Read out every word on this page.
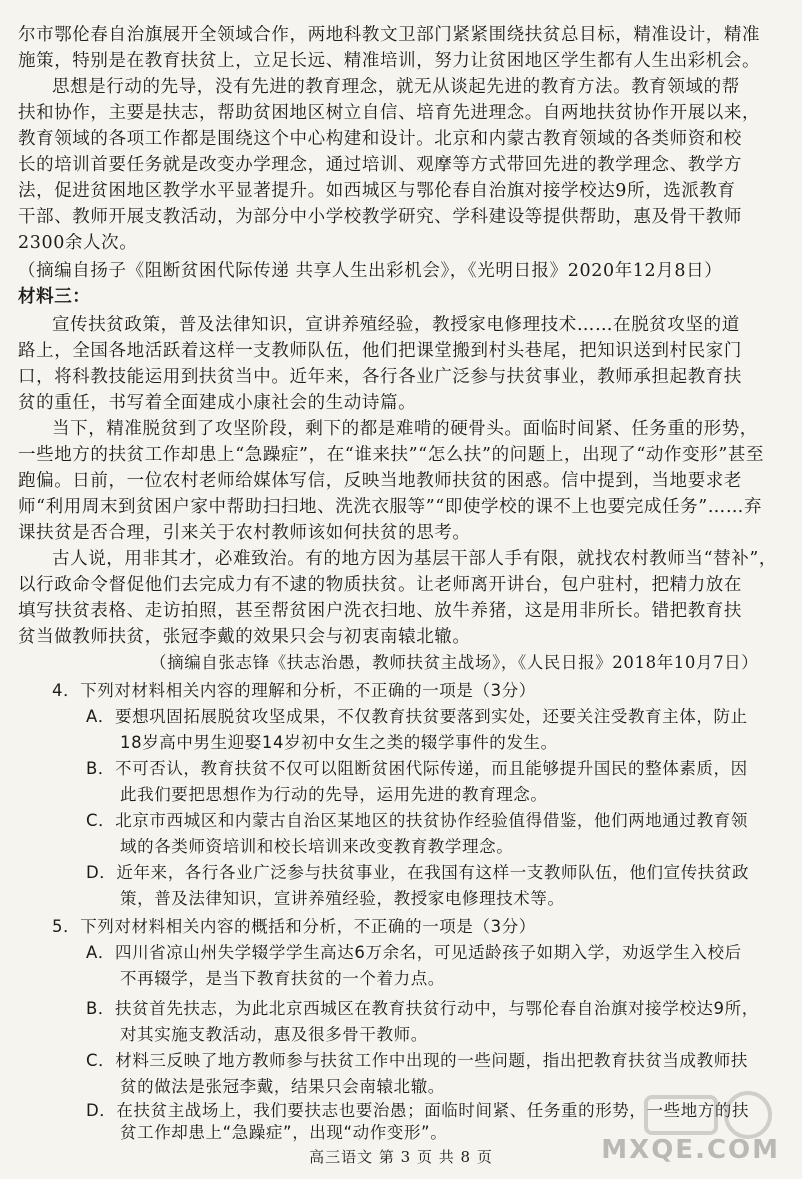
尔市鄂伦春自治旗展开全领域合作，两地科教文卫部门紧紧围绕扶贫总目标，精准设计，精准
施策，特别是在教育扶贫上，立足长远、精准培训，努力让贫困地区学生都有人生出彩机会。
思想是行动的先导，没有先进的教育理念，就无从谈起先进的教育方法。教育领域的帮
扶和协作，主要是扶志，帮助贫困地区树立自信、培育先进理念。自两地扶贫协作开展以来，
教育领域的各项工作都是围绕这个中心构建和设计。北京和内蒙古教育领域的各类师资和校
长的培训首要任务就是改变办学理念，通过培训、观摩等方式带回先进的教学理念、教学方
法，促进贫困地区教学水平显著提升。如西城区与鄂伦春自治旗对接学校达9所，选派教育
干部、教师开展支教活动，为部分中小学校教学研究、学科建设等提供帮助，惠及骨干教师
2300余人次。
（摘编自扬子《阻断贫困代际传递 共享人生出彩机会》，《光明日报》2020年12月8日）
材料三：
宣传扶贫政策，普及法律知识，宣讲养殖经验，教授家电修理技术……在脱贫攻坚的道
路上，全国各地活跃着这样一支教师队伍，他们把课堂搬到村头巷尾，把知识送到村民家门
口，将科教技能运用到扶贫当中。近年来，各行各业广泛参与扶贫事业，教师承担起教育扶
贫的重任，书写着全面建成小康社会的生动诗篇。
当下，精准脱贫到了攻坚阶段，剩下的都是难啃的硬骨头。面临时间紧、任务重的形势，
一些地方的扶贫工作却患上“急躁症”，在“谁来扶”“怎么扶”的问题上，出现了“动作变形”甚至
跑偏。日前，一位农村老师给媒体写信，反映当地教师扶贫的困惑。信中提到，当地要求老
师“利用周末到贫困户家中帮助扫扫地、洗洗衣服等”“即使学校的课不上也要完成任务”……弃
课扶贫是否合理，引来关于农村教师该如何扶贫的思考。
古人说，用非其才，必难致治。有的地方因为基层干部人手有限，就找农村教师当“替补”，
以行政命令督促他们去完成力有不逮的物质扶贫。让老师离开讲台，包户驻村，把精力放在
填写扶贫表格、走访拍照，甚至帮贫困户洗衣扫地、放牛养猪，这是用非所长。错把教育扶
贫当做教师扶贫，张冠李戴的效果只会与初衷南辕北辙。
（摘编自张志锋《扶志治愚，教师扶贫主战场》，《人民日报》2018年10月7日）
4．下列对材料相关内容的理解和分析，不正确的一项是（3分）
A．要想巩固拓展脱贫攻坚成果，不仅教育扶贫要落到实处，还要关注受教育主体，防止
18岁高中男生迎娶14岁初中女生之类的辍学事件的发生。
B．不可否认，教育扶贫不仅可以阻断贫困代际传递，而且能够提升国民的整体素质，因
此我们要把思想作为行动的先导，运用先进的教育理念。
C．北京市西城区和内蒙古自治区某地区的扶贫协作经验值得借鉴，他们两地通过教育领
域的各类师资培训和校长培训来改变教育教学理念。
D．近年来，各行各业广泛参与扶贫事业，在我国有这样一支教师队伍，他们宣传扶贫政
策，普及法律知识，宣讲养殖经验，教授家电修理技术等。
5．下列对材料相关内容的概括和分析，不正确的一项是（3分）
A．四川省凉山州失学辍学学生高达6万余名，可见适龄孩子如期入学，劝返学生入校后
不再辍学，是当下教育扶贫的一个着力点。
B．扶贫首先扶志，为此北京西城区在教育扶贫行动中，与鄂伦春自治旗对接学校达9所，
对其实施支教活动，惠及很多骨干教师。
C．材料三反映了地方教师参与扶贫工作中出现的一些问题，指出把教育扶贫当成教师扶
贫的做法是张冠李戴，结果只会南辕北辙。
D．在扶贫主战场上，我们要扶志也要治愚；面临时间紧、任务重的形势，一些地方的扶
贫工作却患上“急躁症”，出现“动作变形”。
高三语文 第 3 页 共 8 页	MXQE.COM
